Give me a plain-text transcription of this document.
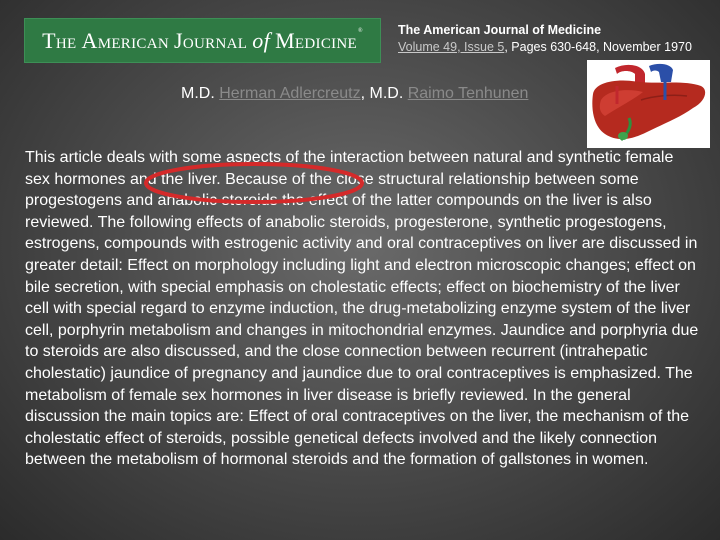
The American Journal of Medicine®	The American Journal of Medicine
Volume 49, Issue 5, Pages 630-648, November 1970
M.D. Herman Adlercreutz, M.D. Raimo Tenhunen

This article deals with some aspects of the interaction between natural and synthetic female sex hormones and the liver. Because of the close structural relationship between some progestogens and anabolic steroids the effect of the latter compounds on the liver is also reviewed. The following effects of anabolic steroids, progesterone, synthetic progestogens, estrogens, compounds with estrogenic activity and oral contraceptives on liver are discussed in greater detail: Effect on morphology including light and electron microscopic changes; effect on bile secretion, with special emphasis on cholestatic effects; effect on biochemistry of the liver cell with special regard to enzyme induction, the drug-metabolizing enzyme system of the liver cell, porphyrin metabolism and changes in mitochondrial enzymes. Jaundice and porphyria due to steroids are also discussed, and the close connection between recurrent (intrahepatic cholestatic) jaundice of pregnancy and jaundice due to oral contraceptives is emphasized. The metabolism of female sex hormones in liver disease is briefly reviewed. In the general discussion the main topics are: Effect of oral contraceptives on the liver, the mechanism of the cholestatic effect of steroids, possible genetical defects involved and the likely connection between the metabolism of hormonal steroids and the formation of gallstones in women.
